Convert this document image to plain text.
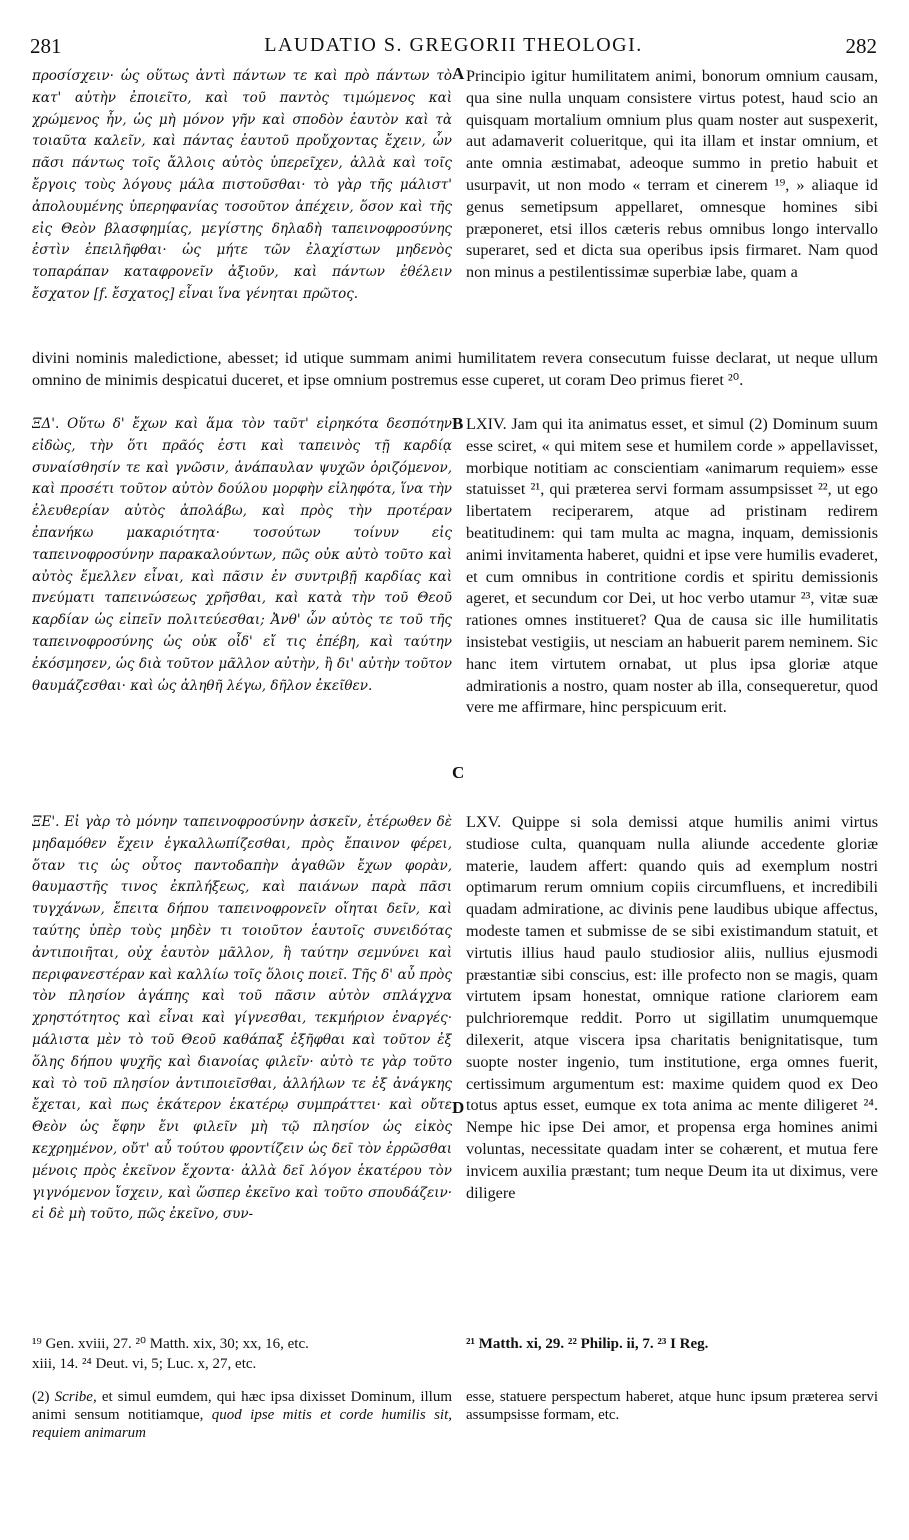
281	LAUDATIO S. GREGORII THEOLOGI.	282
προσίσχειν· ὡς οὕτως ἀντὶ πάντων τε καὶ πρὸ πάντων τὸ κατ' αὐτὴν ἐποιεῖτο, καὶ τοῦ παντὸς τιμώμενος καὶ χρώμενος ἦν, ὡς μὴ μόνον γῆν καὶ σποδὸν ἑαυτὸν καὶ τὰ τοιαῦτα καλεῖν, καὶ πάντας ἑαυτοῦ προὔχοντας ἔχειν, ὧν πᾶσι πάντως τοῖς ἄλλοις αὐτὸς ὑπερεῖχεν, ἀλλὰ καὶ τοῖς ἔργοις τοὺς λόγους μάλα πιστοῦσθαι· τὸ γὰρ τῆς μάλιστ' ἀπολουμένης ὑπερηφανίας τοσοῦτον ἀπέχειν, ὅσον καὶ τῆς εἰς Θεὸν βλασφημίας, μεγίστης δηλαδὴ ταπεινοφροσύνης ἐστὶν ἐπειλῆφθαι· ὡς μήτε τῶν ἐλαχίστων μηδενὸς τοπαράπαν καταφρονεῖν ἀξιοῦν, καὶ πάντων ἐθέλειν ἔσχατον [f. ἔσχατος] εἶναι ἵνα γένηται πρῶτος.
Principio igitur humilitatem animi, bonorum omnium causam, qua sine nulla unquam consistere virtus potest, haud scio an quisquam mortalium omnium plus quam noster aut suspexerit, aut adamaverit colueritque, qui ita illam et instar omnium, et ante omnia æstimabat, adeoque summo in pretio habuit et usurpavit, ut non modo « terram et cinerem ¹⁹, » aliaque id genus semetipsum appellaret, omnesque homines sibi præponeret, etsi illos cæteris rebus omnibus longo intervallo superaret, sed et dicta sua operibus ipsis firmaret. Nam quod non minus a pestilentissimæ superbiæ labe, quam a
A
divini nominis maledictione, abesset; id utique summam animi humilitatem revera consecutum fuisse declarat, ut neque ullum omnino de minimis despicatui duceret, et ipse omnium postremus esse cuperet, ut coram Deo primus fieret ²⁰.
B
ΞΔ'. Οὕτω δ' ἔχων καὶ ἅμα τὸν ταῦτ' εἰρηκότα δεσπότην εἰδὼς, τὴν ὅτι πρᾶός ἐστι καὶ ταπεινὸς τῇ καρδίᾳ συναίσθησίν τε καὶ γνῶσιν, ἀνάπαυλαν ψυχῶν ὁριζόμενον, καὶ προσέτι τοῦτον αὐτὸν δούλου μορφὴν εἰληφότα, ἵνα τὴν ἐλευθερίαν αὐτὸς ἀπολάβω, καὶ πρὸς τὴν προτέραν ἐπανήκω μακαριότητα· τοσούτων τοίνυν εἰς ταπεινοφροσύνην παρακαλούντων, πῶς οὐκ αὐτὸ τοῦτο καὶ αὐτὸς ἔμελλεν εἶναι, καὶ πᾶσιν ἐν συντριβῇ καρδίας καὶ πνεύματι ταπεινώσεως χρῆσθαι, καὶ κατὰ τὴν τοῦ Θεοῦ καρδίαν ὡς εἰπεῖν πολιτεύεσθαι; Ἀνθ' ὧν αὐτὸς τε τοῦ τῆς ταπεινοφροσύνης ὡς οὐκ οἶδ' εἴ τις ἐπέβη, καὶ ταύτην ἐκόσμησεν, ὡς διὰ τοῦτον μᾶλλον αὐτὴν, ἢ δι' αὐτὴν τοῦτον θαυμάζεσθαι· καὶ ὡς ἀληθῆ λέγω, δῆλον ἐκεῖθεν.
LXIV. Jam qui ita animatus esset, et simul (2) Dominum suum esse sciret, « qui mitem sese et humilem corde » appellavisset, morbique notitiam ac conscientiam «animarum requiem» esse statuisset ²¹, qui præterea servi formam assumpsisset ²², ut ego libertatem reciperarem, atque ad pristinam redirem beatitudinem: qui tam multa ac magna, inquam, demissionis animi invitamenta haberet, quidni et ipse vere humilis evaderet, et cum omnibus in contritione cordis et spiritu demissionis ageret, et secundum cor Dei, ut hoc verbo utamur ²³, vitæ suæ rationes omnes institueret? Qua de causa sic ille humilitatis insistebat vestigiis, ut nesciam an habuerit parem neminem. Sic hanc item virtutem ornabat, ut plus ipsa gloriæ atque admirationis a nostro, quam noster ab illa, consequeretur, quod vere me affirmare, hinc perspicuum erit.
C
ΞΕ'. Εἰ γὰρ τὸ μόνην ταπεινοφροσύνην ἀσκεῖν, ἑτέρωθεν δὲ μηδαμόθεν ἔχειν ἐγκαλλωπίζεσθαι, πρὸς ἔπαινον φέρει, ὅταν τις ὡς οὗτος παντοδαπὴν ἀγαθῶν ἔχων φορὰν, θαυμαστῆς τινος ἐκπλήξεως, καὶ παιάνων παρὰ πᾶσι τυγχάνων, ἔπειτα δήπου ταπεινοφρονεῖν οἴηται δεῖν, καὶ ταύτης ὑπὲρ τοὺς μηδὲν τι τοιοῦτον ἑαυτοῖς συνειδότας ἀντιποιῆται, οὐχ ἑαυτὸν μᾶλλον, ἢ ταύτην σεμνύνει καὶ περιφανεστέραν καὶ καλλίω τοῖς ὅλοις ποιεῖ. Τῆς δ' αὖ πρὸς τὸν πλησίον ἀγάπης καὶ τοῦ πᾶσιν αὐτὸν σπλάγχνα χρηστότητος καὶ εἶναι καὶ γίγνεσθαι, τεκμήριον ἐναργές· μάλιστα μὲν τὸ τοῦ Θεοῦ καθάπαξ ἐξῆφθαι καὶ τοῦτον ἐξ ὅλης δήπου ψυχῆς καὶ διανοίας φιλεῖν· αὐτὸ τε γὰρ τοῦτο καὶ τὸ τοῦ πλησίον ἀντιποιεῖσθαι, ἀλλήλων τε ἐξ ἀνάγκης ἔχεται, καὶ πως ἑκάτερον ἑκατέρῳ συμπράττει· καὶ οὔτε Θεὸν ὡς ἔφην ἔνι φιλεῖν μὴ τῷ πλησίον ὡς εἰκὸς κεχρημένον, οὔτ' αὖ τούτου φροντίζειν ὡς δεῖ τὸν ἐρρῶσθαι μένοις πρὸς ἐκεῖνον ἔχοντα· ἀλλὰ δεῖ λόγον ἑκατέρου τὸν γιγνόμενον ἴσχειν, καὶ ὥσπερ ἐκεῖνο καὶ τοῦτο σπουδάζειν· εἰ δὲ μὴ τοῦτο, πῶς ἐκεῖνο, συν-
LXV. Quippe si sola demissi atque humilis animi virtus studiose culta, quanquam nulla aliunde accedente gloriæ materie, laudem affert: quando quis ad exemplum nostri optimarum rerum omnium copiis circumfluens, et incredibili quadam admiratione, ac divinis pene laudibus ubique affectus, modeste tamen et submisse de se sibi existimandum statuit, et virtutis illius haud paulo studiosior aliis, nullius ejusmodi præstantiæ sibi conscius, est: ille profecto non se magis, quam virtutem ipsam honestat, omnique ratione clariorem eam pulchrioremque reddit. Porro ut sigillatim unumquemque dilexerit, atque viscera ipsa charitatis benignitatisque, tum suopte noster ingenio, tum institutione, erga omnes fuerit, certissimum argumentum est: maxime quidem quod ex Deo totus aptus esset, eumque ex tota anima ac mente diligeret ²⁴. Nempe hic ipse Dei amor, et propensa erga homines animi voluntas, necessitate quadam inter se cohærent, et mutua fere invicem auxilia præstant; tum neque Deum ita ut diximus, vere diligere
D
¹⁹ Gen. xviii, 27. ²⁰ Matth. xix, 30; xx, 16, etc.
xiii, 14. ²⁴ Deut. vi, 5; Luc. x, 27, etc.
²¹ Matth. xi, 29. ²² Philip. ii, 7. ²³ I Reg.
(2) Scribe, et simul eumdem, qui hæc ipsa dixisset Dominum, illum animi sensum notitiamque, quod ipse mitis et corde humilis sit, requiem animarum
esse, statuere perspectum haberet, atque hunc ipsum præterea servi assumpsisse formam, etc.
